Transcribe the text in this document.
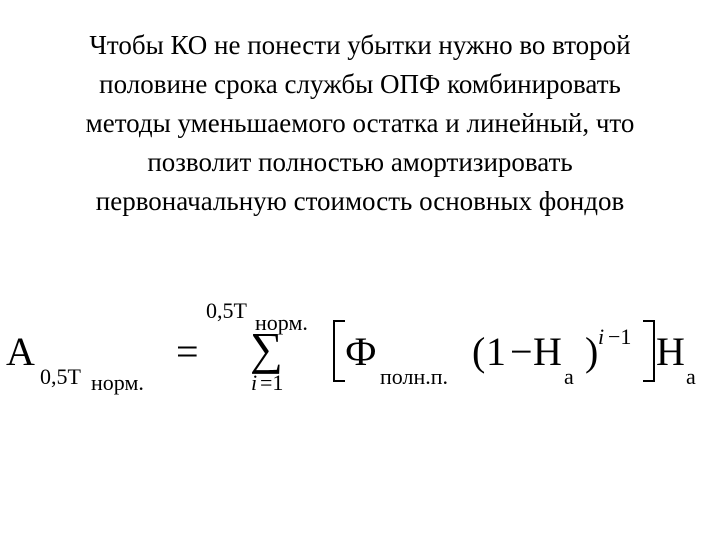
Чтобы КО не понести убытки нужно во второй
половине срока службы ОПФ комбинировать
методы уменьшаемого остатка и линейный, что
позволит полностью амортизировать
первоначальную стоимость основных фондов
A
0,5Т норм.
=
0,5Т норм.
∑
i =1
Ф
полн.п.
( 1 − Н
а
) i −1 Н
а
